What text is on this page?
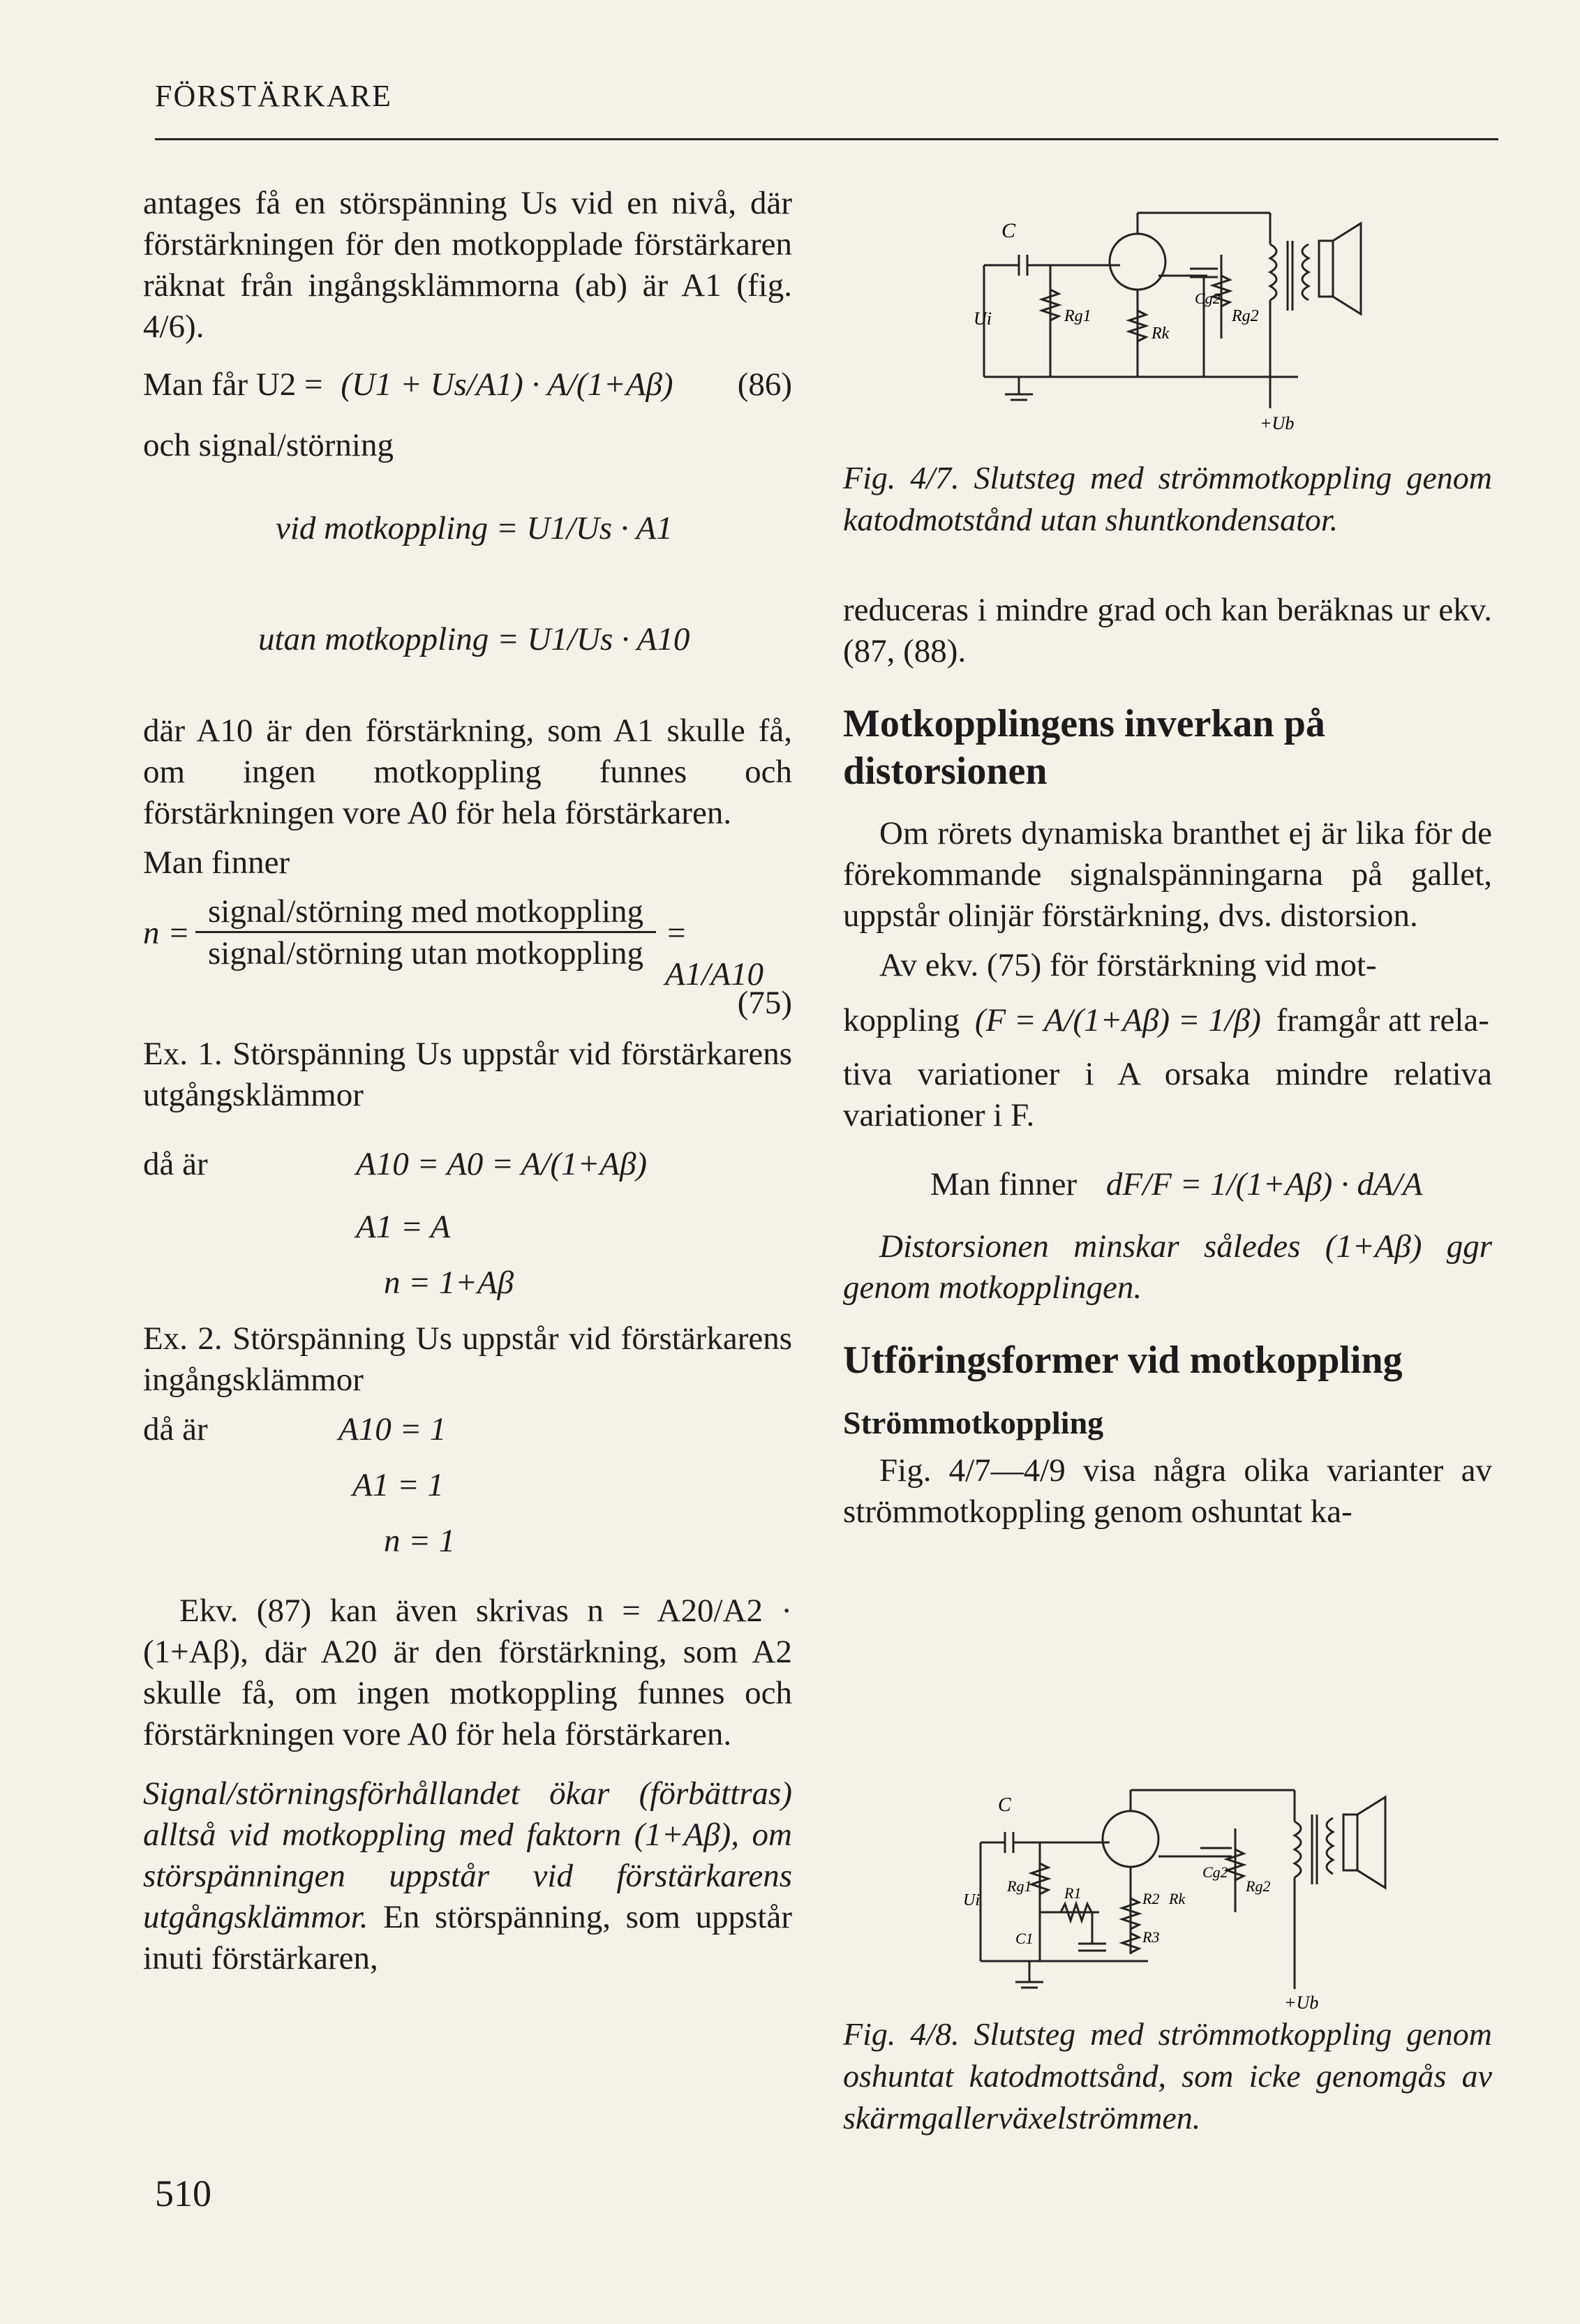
FÖRSTÄRKARE

antages få en störspänning Us vid en nivå, där förstärkningen för den motkopplade förstärkaren räknat från ingångsklämmorna (ab) är A1 (fig. 4/6).

Man får U2 = (U1 + Us/A1) · A/(1+Aβ) (86)

och signal/störning

vid motkoppling = U1/Us · A1
utan motkoppling = U1/Us · A10

där A10 är den förstärkning, som A1 skulle få, om ingen motkoppling funnes och förstärkningen vore A0 för hela förstärkaren.

Man finner

n =
signal/störning med motkoppling
signal/störning utan motkoppling
= A1/A10
(75)

Ex. 1. Störspänning Us uppstår vid förstärkarens utgångsklämmor

då är	A10 = A0 = A/(1+Aβ)
A1 = A
n = 1+Aβ

Ex. 2. Störspänning Us uppstår vid förstärkarens ingångsklämmor

då är	A10 = 1
A1 = 1
n = 1

Ekv. (87) kan även skrivas n = A20/A2 · (1+Aβ), där A20 är den förstärkning, som A2 skulle få, om ingen motkoppling funnes och förstärkningen vore A0 för hela förstärkaren.

Signal/störningsförhållandet ökar (förbättras) alltså vid motkoppling med faktorn (1+Aβ), om störspänningen uppstår vid förstärkarens utgångsklämmor. En störspänning, som uppstår inuti förstärkaren,

C
Ui	Rg1
Rk
Cg2
Rg2
+Ub

Fig. 4/7. Slutsteg med strömmotkoppling genom katodmotstånd utan shuntkondensator.

reduceras i mindre grad och kan beräknas ur ekv. (87, (88).

Motkopplingens inverkan på distorsionen

Om rörets dynamiska branthet ej är lika för de förekommande signalspänningarna på gallet, uppstår olinjär förstärkning, dvs. distorsion.

Av ekv. (75) för förstärkning vid mot-

koppling (F = A/(1+Aβ) = 1/β) framgår att rela-

tiva variationer i A orsaka mindre relativa variationer i F.

Man finner dF/F = 1/(1+Aβ) · dA/A

Distorsionen minskar således (1+Aβ) ggr genom motkopplingen.

Utföringsformer vid motkoppling
Strömmotkoppling

Fig. 4/7—4/9 visa några olika varianter av strömmotkoppling genom oshuntat ka-

C
Ui
Rg1 R1	R2
R3
Rk
C1
Cg2
Rg2
+Ub

Fig. 4/8. Slutsteg med strömmotkoppling genom oshuntat katodmottsånd, som icke genomgås av skärmgallerväxelströmmen.

510
